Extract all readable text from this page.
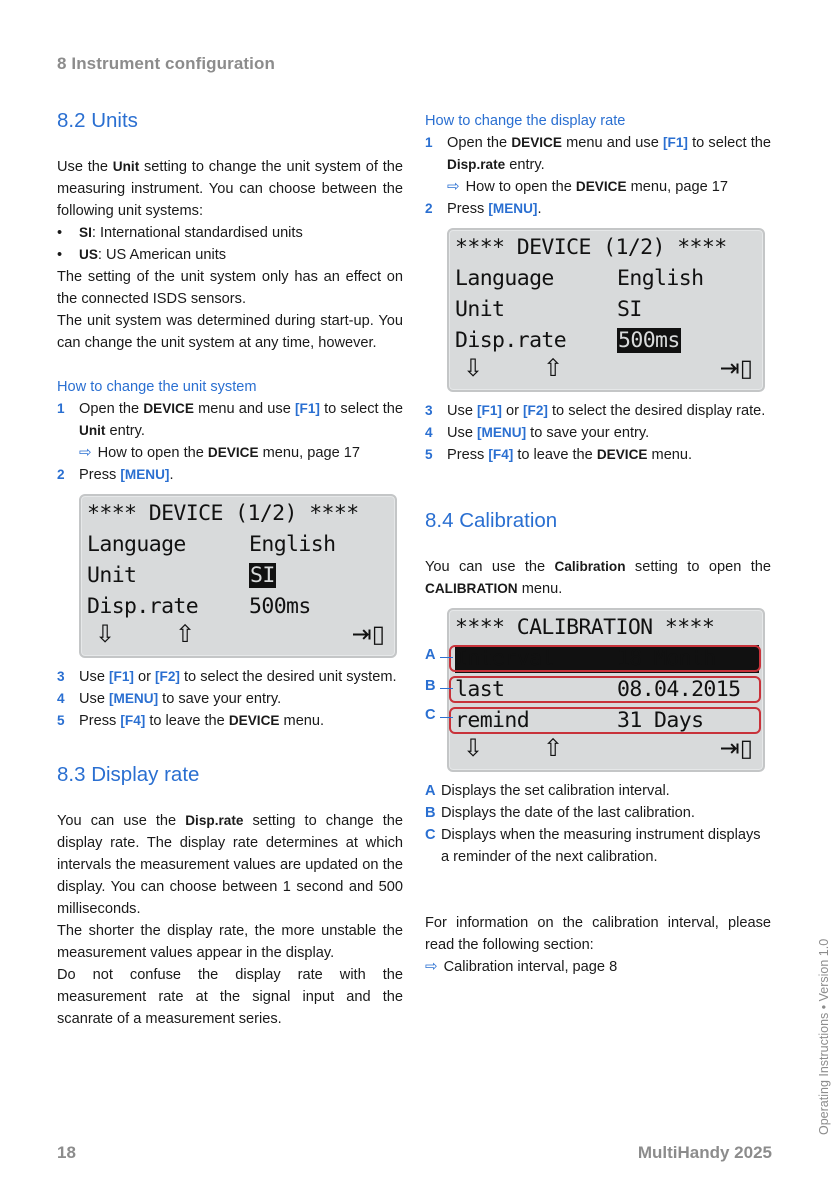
8 Instrument configuration
8.2 Units

Use the Unit setting to change the unit system of the measuring instrument. You can choose between the following unit systems:

•	SI: International standardised units
•	US: US American units

The setting of the unit system only has an effect on the connected ISDS sensors.

The unit system was determined during start-up. You can change the unit system at any time, however.

How to change the unit system
1 Open the DEVICE menu and use [F1] to select the Unit entry.
⇨ How to open the DEVICE menu, page 17
2 Press [MENU].
**** DEVICE (1/2) ****
Language	English
Unit	SI
Disp.rate 500ms
⇩ ⇧	⇥▯
3 Use [F1] or [F2] to select the desired unit system.
4 Use [MENU] to save your entry.
5 Press [F4] to leave the DEVICE menu.
8.3 Display rate

You can use the Disp.rate setting to change the display rate. The display rate determines at which intervals the measurement values are updated on the display. You can choose between 1 second and 500 milliseconds.

The shorter the display rate, the more unstable the measurement values appear in the display.

Do not confuse the display rate with the measurement rate at the signal input and the scanrate of a measurement series.

How to change the display rate
1 Open the DEVICE menu and use [F1] to select the Disp.rate entry.
⇨ How to open the DEVICE menu, page 17
2 Press [MENU].
**** DEVICE (1/2) ****
Language	English
Unit	SI
Disp.rate 500ms
⇩ ⇧	⇥▯
3 Use [F1] or [F2] to select the desired display rate.
4 Use [MENU] to save your entry.
5 Press [F4] to leave the DEVICE menu.
8.4 Calibration

You can use the Calibration setting to open the CALIBRATION menu.

**** CALIBRATION ****
Interval	18 Month
last	08.04.2015
remind	31 Days
⇩ ⇧	⇥▯
A
B
C
A Displays the set calibration interval.
B Displays the date of the last calibration.
C Displays when the measuring instrument displays a reminder of the next calibration.

For information on the calibration interval, please read the following section:

⇨ Calibration interval, page 8	Operating Instructions • Version 1.0
18	MultiHandy 2025
